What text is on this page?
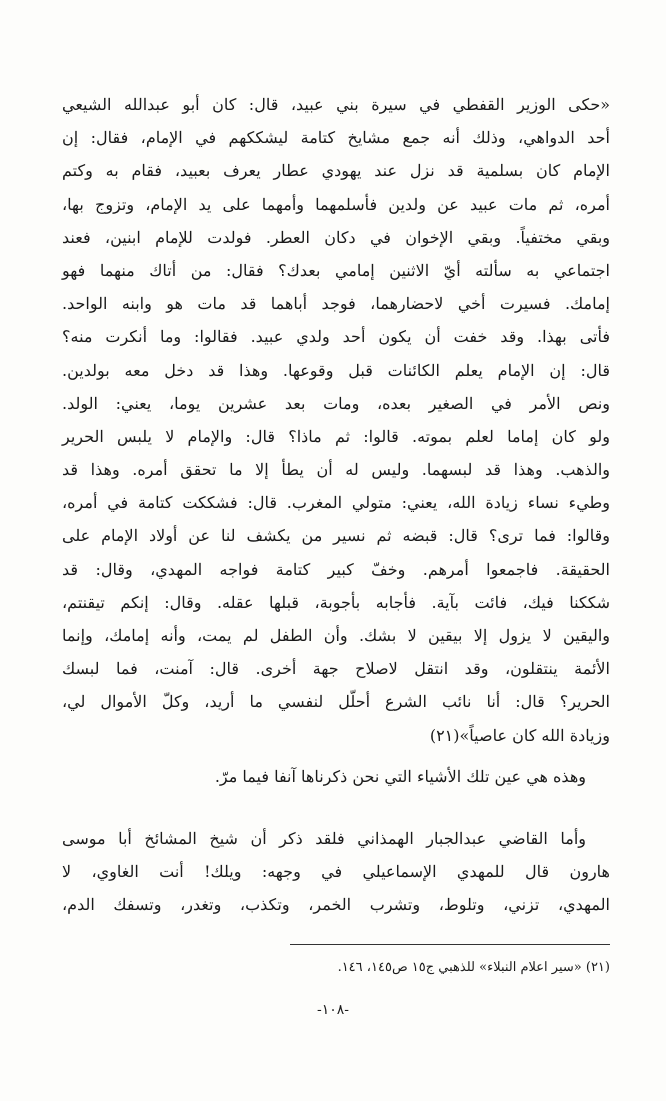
«حكى الوزير القفطي في سيرة بني عبيد، قال: كان أبو عبدالله الشيعي
أحد الدواهي، وذلك أنه جمع مشايخ كتامة ليشككهم في الإمام، فقال: إن
الإمام كان بسلمية قد نزل عند يهودي عطار يعرف بعبيد، فقام به وكتم
أمره، ثم مات عبيد عن ولدين فأسلمهما وأمهما على يد الإمام، وتزوج بها،
وبقي مختفياً. وبقي الإخوان في دكان العطر. فولدت للإمام ابنين، فعند
اجتماعي به سألته أيّ الاثنين إمامي بعدك؟ فقال: من أتاك منهما فهو
إمامك. فسيرت أخي لاحضارهما، فوجد أباهما قد مات هو وابنه الواحد.
فأتى بهذا. وقد خفت أن يكون أحد ولدي عبيد. فقالوا: وما أنكرت منه؟
قال: إن الإمام يعلم الكائنات قبل وقوعها. وهذا قد دخل معه بولدين.
ونص الأمر في الصغير بعده، ومات بعد عشرين يوما، يعني: الولد.
ولو كان إماما لعلم بموته. قالوا: ثم ماذا؟ قال: والإمام لا يلبس الحرير
والذهب. وهذا قد لبسهما. وليس له أن يطأ إلا ما تحقق أمره. وهذا قد
وطيء نساء زيادة الله، يعني: متولي المغرب. قال: فشككت كتامة في أمره،
وقالوا: فما ترى؟ قال: قبضه ثم نسير من يكشف لنا عن أولاد الإمام على
الحقيقة. فاجمعوا أمرهم. وخفّ كبير كتامة فواجه المهدي، وقال: قد
شككنا فيك، فائت بآية. فأجابه بأجوبة، قبلها عقله. وقال: إنكم تيقنتم،
واليقين لا يزول إلا بيقين لا بشك. وأن الطفل لم يمت، وأنه إمامك، وإنما
الأئمة ينتقلون، وقد انتقل لاصلاح جهة أخرى. قال: آمنت، فما لبسك
الحرير؟ قال: أنا نائب الشرع أحلّل لنفسي ما أريد، وكلّ الأموال لي،
وزيادة الله كان عاصياً»(٢١)
وهذه هي عين تلك الأشياء التي نحن ذكرناها آنفا فيما مرّ.
وأما القاضي عبدالجبار الهمذاني فلقد ذكر أن شيخ المشائخ أبا موسى
هارون قال للمهدي الإسماعيلي في وجهه: ويلك! أنت الغاوي، لا
المهدي، تزني، وتلوط، وتشرب الخمر، وتكذب، وتغدر، وتسفك الدم،
(٢١) «سير اعلام النبلاء» للذهبي ج١٥ ص١٤٥، ١٤٦.
-١٠٨-
